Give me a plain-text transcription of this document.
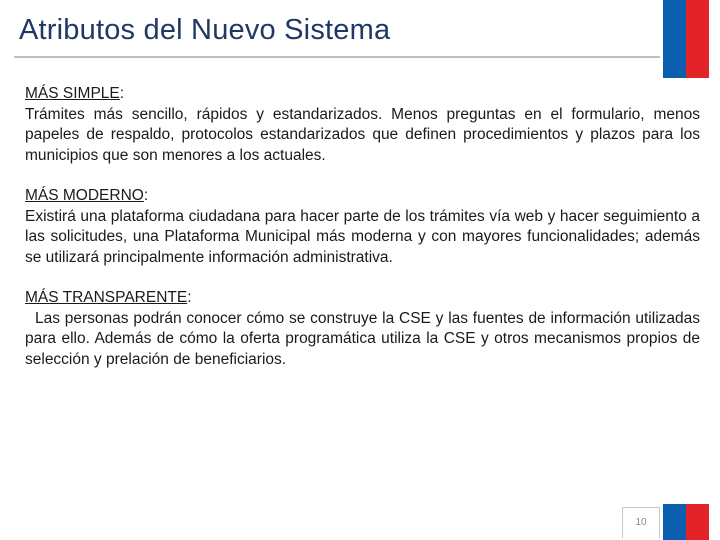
Atributos del Nuevo Sistema
MÁS SIMPLE:
Trámites más sencillo, rápidos y estandarizados. Menos preguntas en el formulario, menos papeles de respaldo, protocolos estandarizados que definen procedimientos y plazos para los municipios que son menores a los actuales.
MÁS MODERNO:
Existirá una plataforma ciudadana para hacer parte de los trámites vía web y hacer seguimiento a las solicitudes, una Plataforma Municipal más moderna y con mayores funcionalidades; además se utilizará principalmente información administrativa.
MÁS TRANSPARENTE:
Las personas podrán conocer cómo se construye la CSE y las fuentes de información utilizadas para ello. Además de cómo la oferta programática utiliza la CSE y otros mecanismos propios de selección y prelación de beneficiarios.
10
